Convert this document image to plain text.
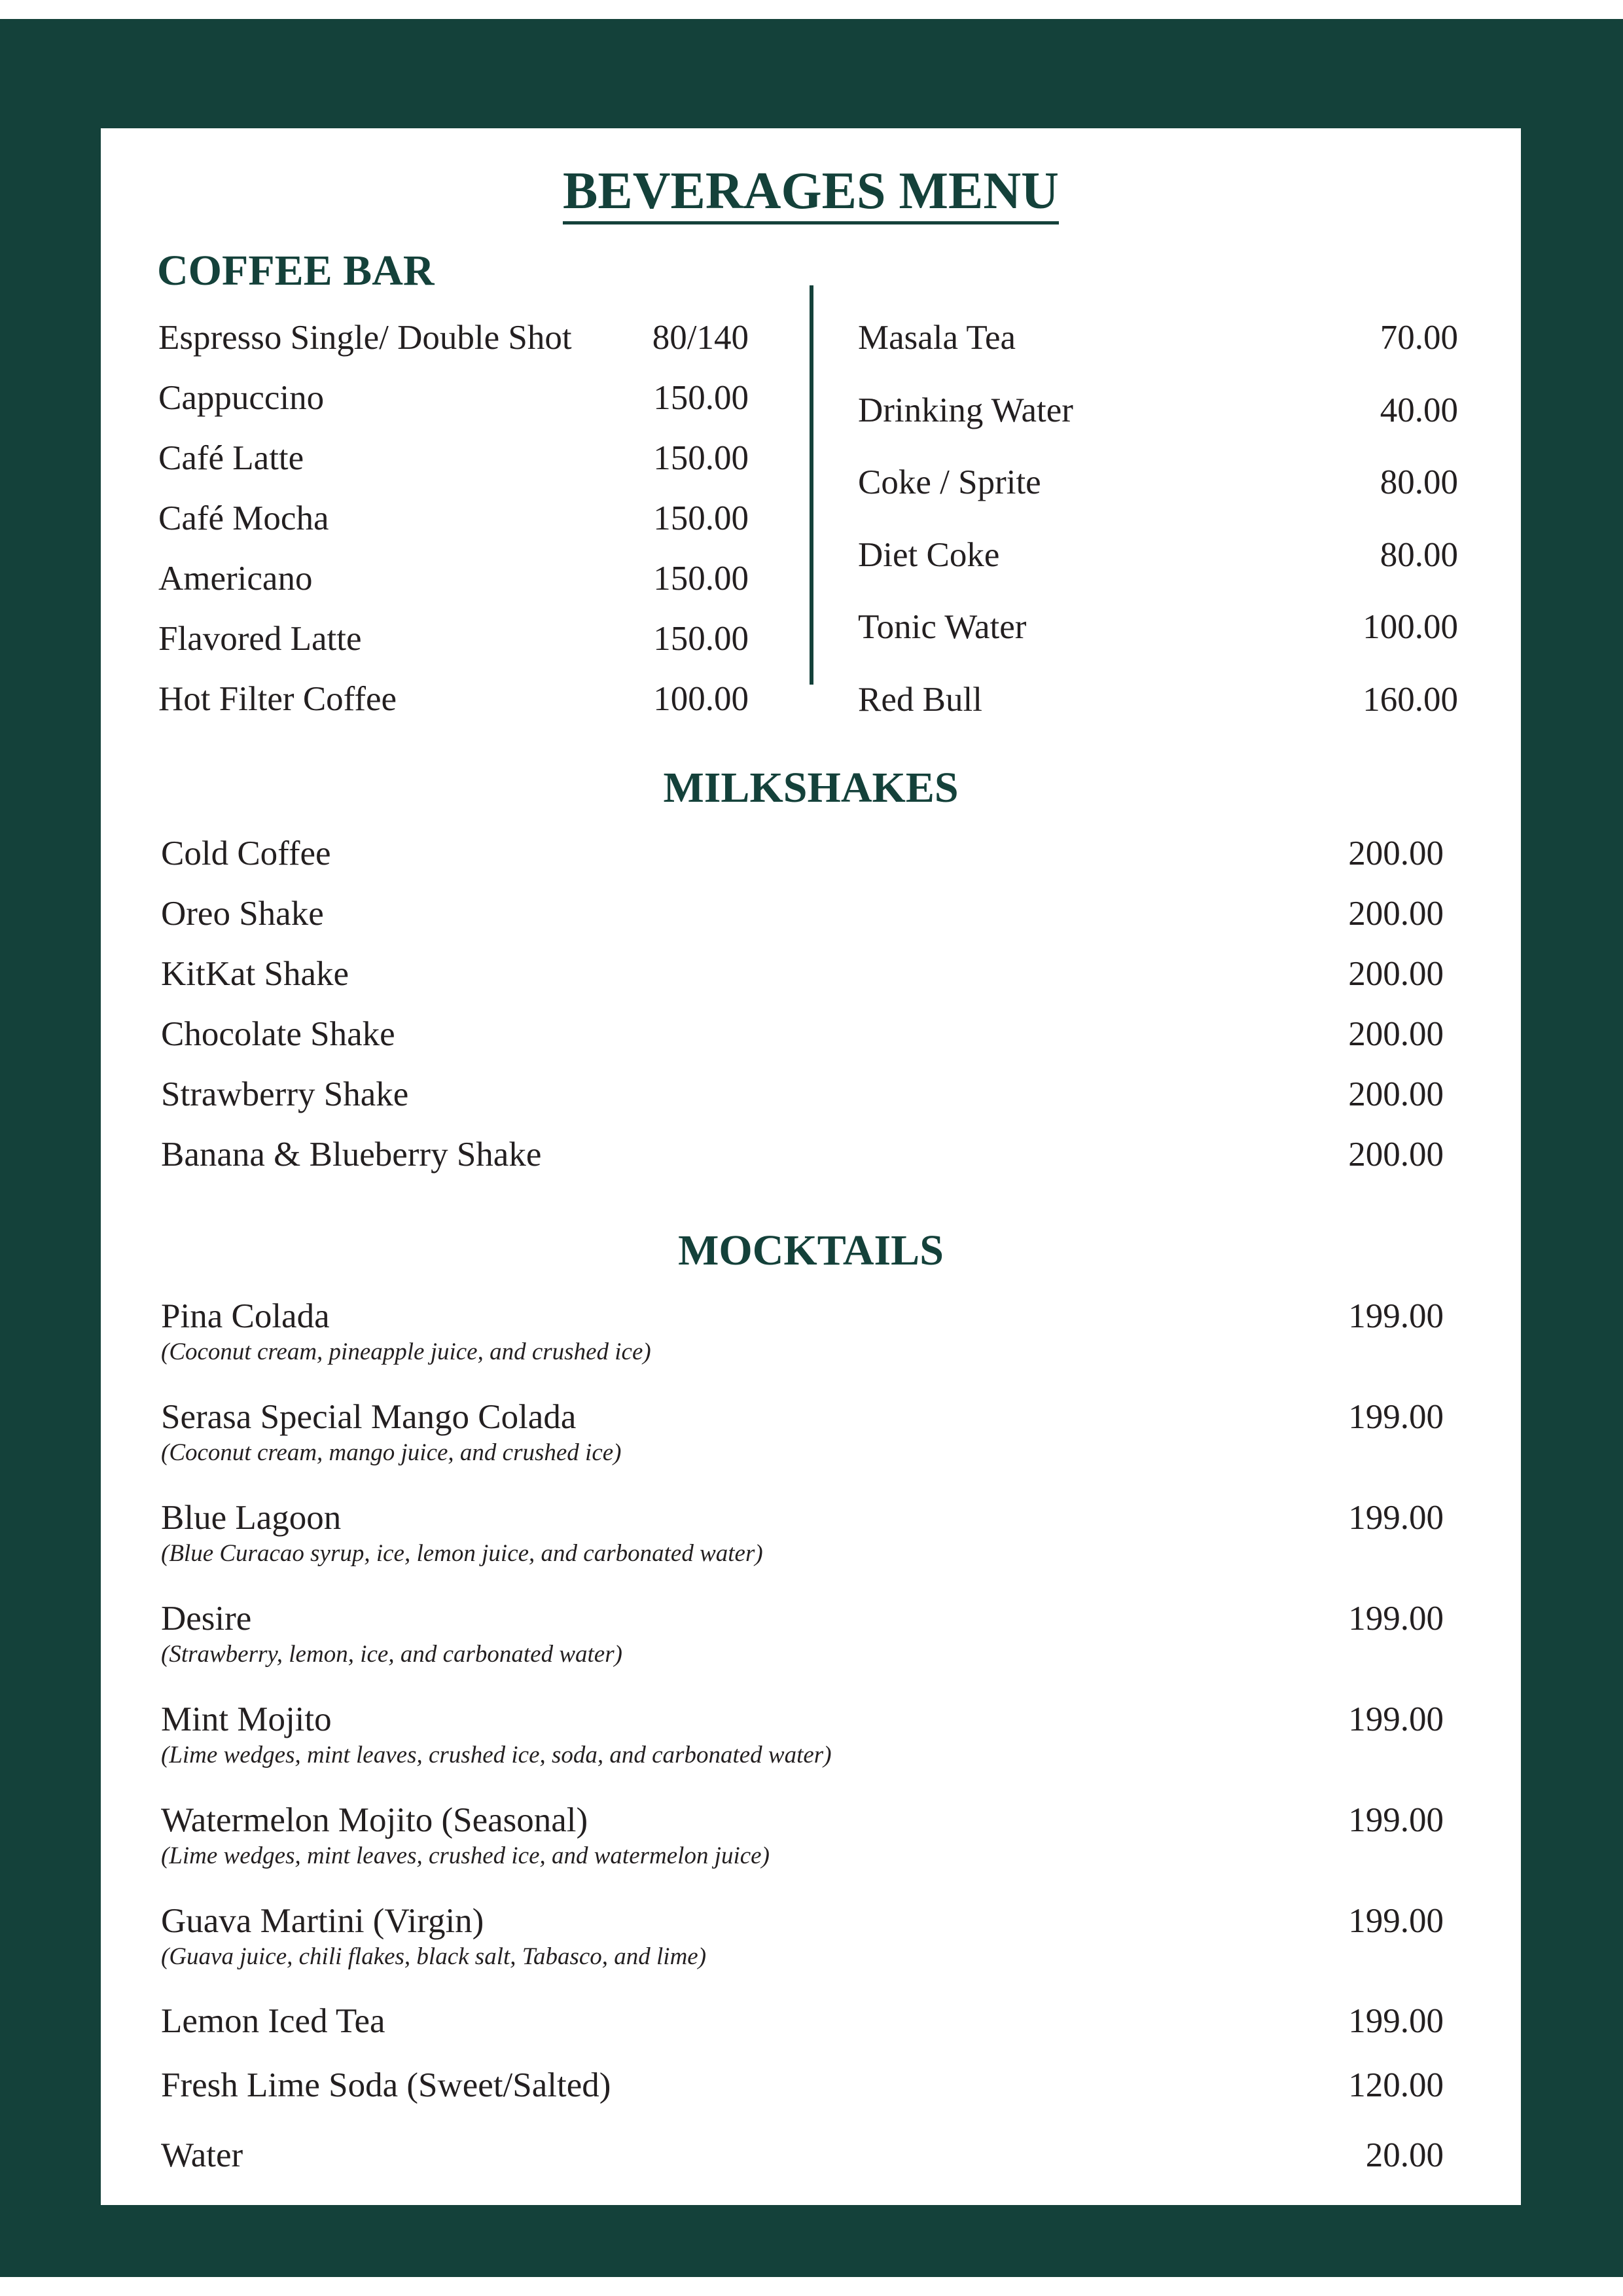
BEVERAGES MENU
COFFEE BAR
Espresso Single/ Double Shot	80/140
Cappuccino	150.00
Café Latte	150.00
Café Mocha	150.00
Americano	150.00
Flavored Latte	150.00
Hot Filter Coffee	100.00
Masala Tea	70.00
Drinking Water	40.00
Coke / Sprite	80.00
Diet Coke	80.00
Tonic Water	100.00
Red Bull	160.00
MILKSHAKES
Cold Coffee	200.00
Oreo Shake	200.00
KitKat Shake	200.00
Chocolate Shake	200.00
Strawberry Shake	200.00
Banana & Blueberry Shake	200.00
MOCKTAILS
Pina Colada	199.00
(Coconut cream, pineapple juice, and crushed ice)
Serasa Special Mango Colada	199.00
(Coconut cream, mango juice, and crushed ice)
Blue Lagoon	199.00
(Blue Curacao syrup, ice, lemon juice, and carbonated water)
Desire	199.00
(Strawberry, lemon, ice, and carbonated water)
Mint Mojito	199.00
(Lime wedges, mint leaves, crushed ice, soda, and carbonated water)
Watermelon Mojito (Seasonal)	199.00
(Lime wedges, mint leaves, crushed ice, and watermelon juice)
Guava Martini (Virgin)	199.00
(Guava juice, chili flakes, black salt, Tabasco, and lime)
Lemon Iced Tea	199.00
Fresh Lime Soda (Sweet/Salted)	120.00
Water	20.00
